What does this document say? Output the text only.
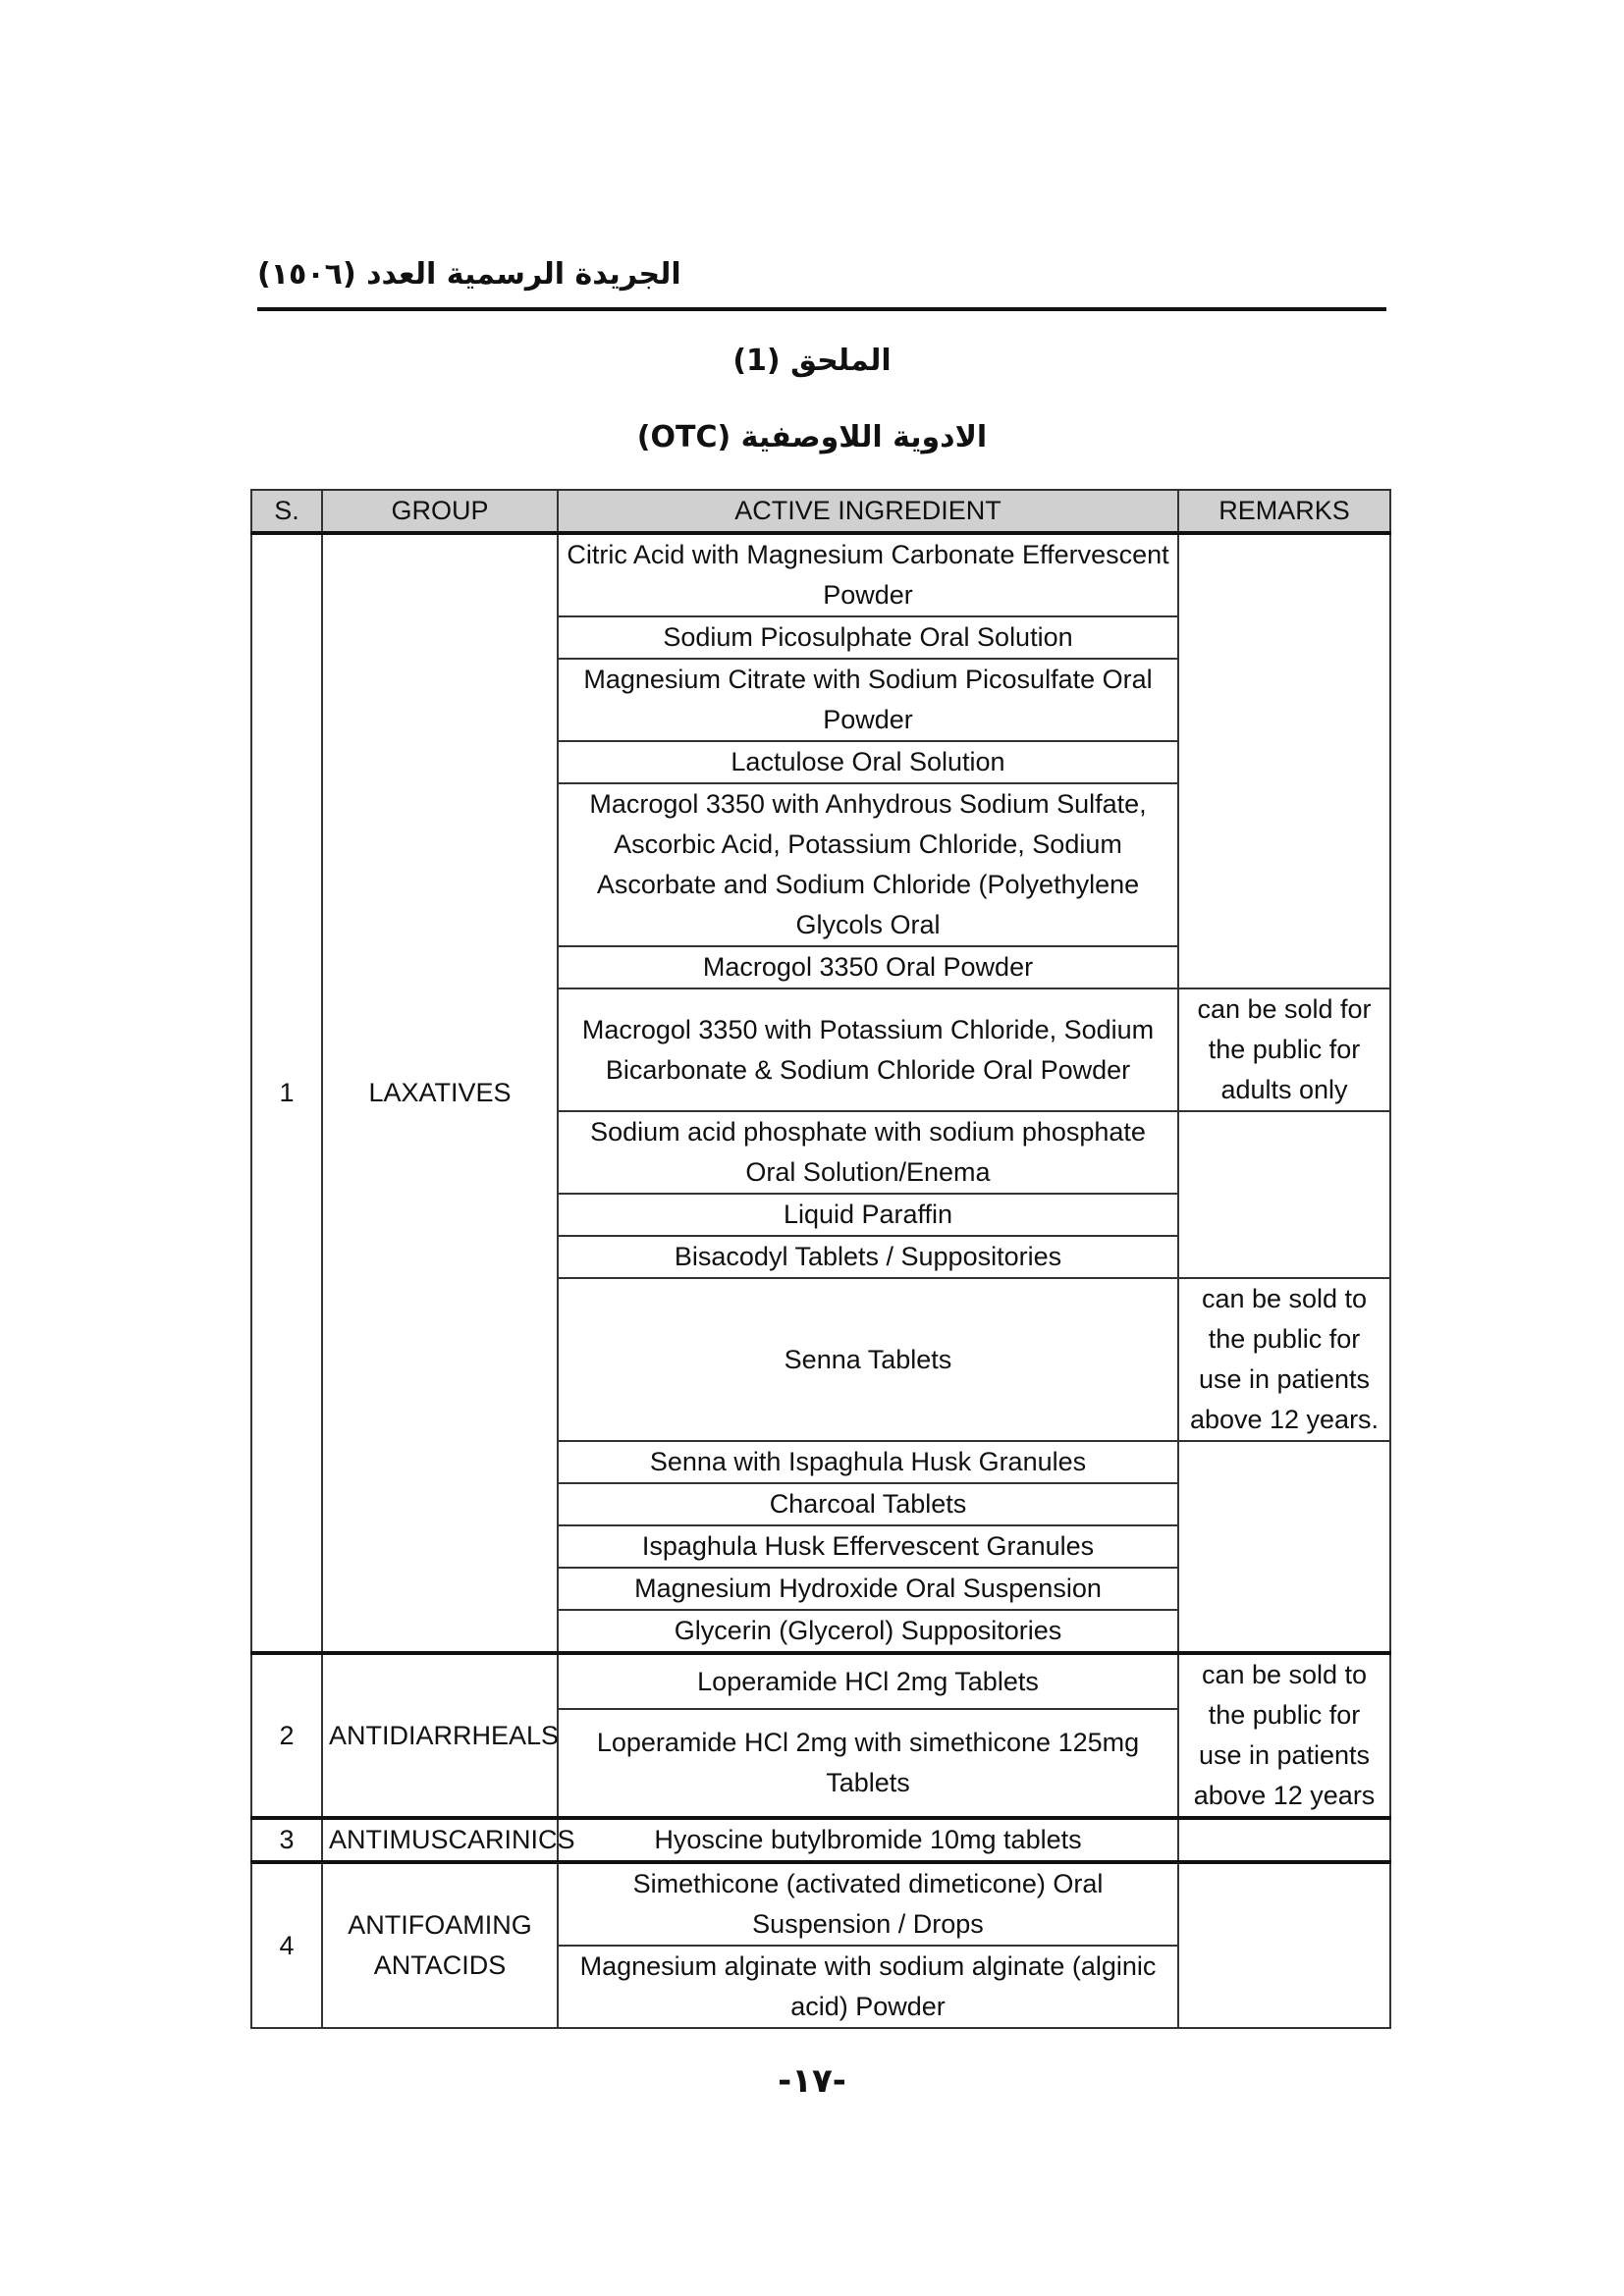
الجريدة الرسمية العدد (١٥٠٦)
الملحق (1)
الادوية اللاوصفية (OTC)
S.	GROUP	ACTIVE INGREDIENT	REMARKS
1	LAXATIVES	Citric Acid with Magnesium Carbonate Effervescent Powder	
		Sodium Picosulphate Oral Solution	
		Magnesium Citrate with Sodium Picosulfate Oral Powder	
		Lactulose Oral Solution	
		Macrogol 3350 with Anhydrous Sodium Sulfate, Ascorbic Acid, Potassium Chloride, Sodium Ascorbate and Sodium Chloride (Polyethylene Glycols Oral	
		Macrogol 3350 Oral Powder	
		Macrogol 3350 with Potassium Chloride, Sodium Bicarbonate & Sodium Chloride Oral Powder	can be sold for the public for adults only
		Sodium acid phosphate with sodium phosphate Oral Solution/Enema	
		Liquid Paraffin	
		Bisacodyl Tablets / Suppositories	
		Senna Tablets	can be sold to the public for use in patients above 12 years.
		Senna with Ispaghula Husk Granules	
		Charcoal Tablets	
		Ispaghula Husk Effervescent Granules	
		Magnesium Hydroxide Oral Suspension	
		Glycerin (Glycerol) Suppositories	
2	ANTIDIARRHEALS	Loperamide HCl 2mg Tablets	can be sold to the public for use in patients above 12 years
		Loperamide HCl 2mg with simethicone 125mg Tablets	
3	ANTIMUSCARINICS	Hyoscine butylbromide 10mg tablets	
4	ANTIFOAMING ANTACIDS	Simethicone (activated dimeticone) Oral Suspension / Drops	
		Magnesium alginate with sodium alginate (alginic acid) Powder	
-١٧-
